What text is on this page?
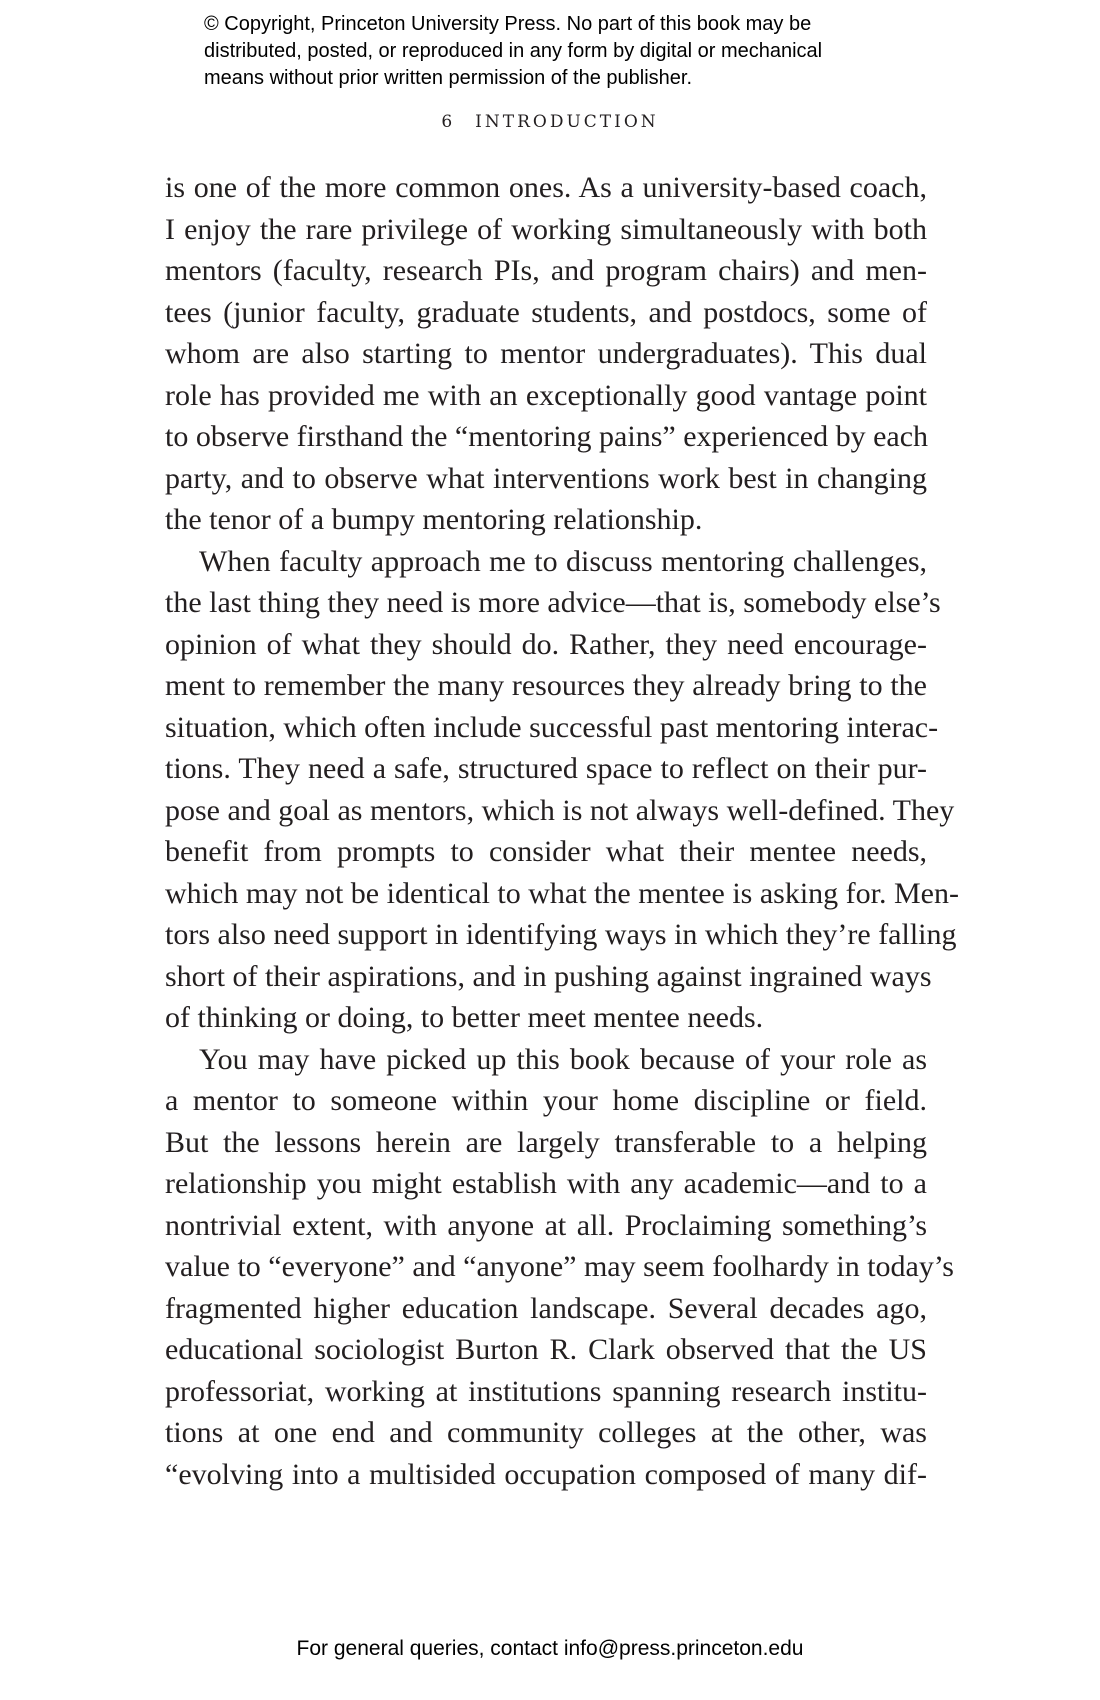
© Copyright, Princeton University Press. No part of this book may be
distributed, posted, or reproduced in any form by digital or mechanical
means without prior written permission of the publisher.
6 INTRODUCTION
is one of the more common ones. As a university-based coach,
I enjoy the rare privilege of working simultaneously with both
mentors (faculty, research PIs, and program chairs) and men-
tees (junior faculty, graduate students, and postdocs, some of
whom are also starting to mentor undergraduates). This dual
role has provided me with an exceptionally good vantage point
to observe firsthand the “mentoring pains” experienced by each
party, and to observe what interventions work best in changing
the tenor of a bumpy mentoring relationship.
When faculty approach me to discuss mentoring challenges,
the last thing they need is more advice—that is, somebody else’s
opinion of what they should do. Rather, they need encourage-
ment to remember the many resources they already bring to the
situation, which often include successful past mentoring interac-
tions. They need a safe, structured space to reflect on their pur-
pose and goal as mentors, which is not always well-defined. They
benefit from prompts to consider what their mentee needs,
which may not be identical to what the mentee is asking for. Men-
tors also need support in identifying ways in which they’re falling
short of their aspirations, and in pushing against ingrained ways
of thinking or doing, to better meet mentee needs.
You may have picked up this book because of your role as
a mentor to someone within your home discipline or field.
But the lessons herein are largely transferable to a helping
relationship you might establish with any academic—and to a
nontrivial extent, with anyone at all. Proclaiming something’s
value to “everyone” and “anyone” may seem foolhardy in today’s
fragmented higher education landscape. Several decades ago,
educational sociologist Burton R. Clark observed that the US
professoriat, working at institutions spanning research institu-
tions at one end and community colleges at the other, was
“evolving into a multisided occupation composed of many dif-
For general queries, contact info@press.princeton.edu
